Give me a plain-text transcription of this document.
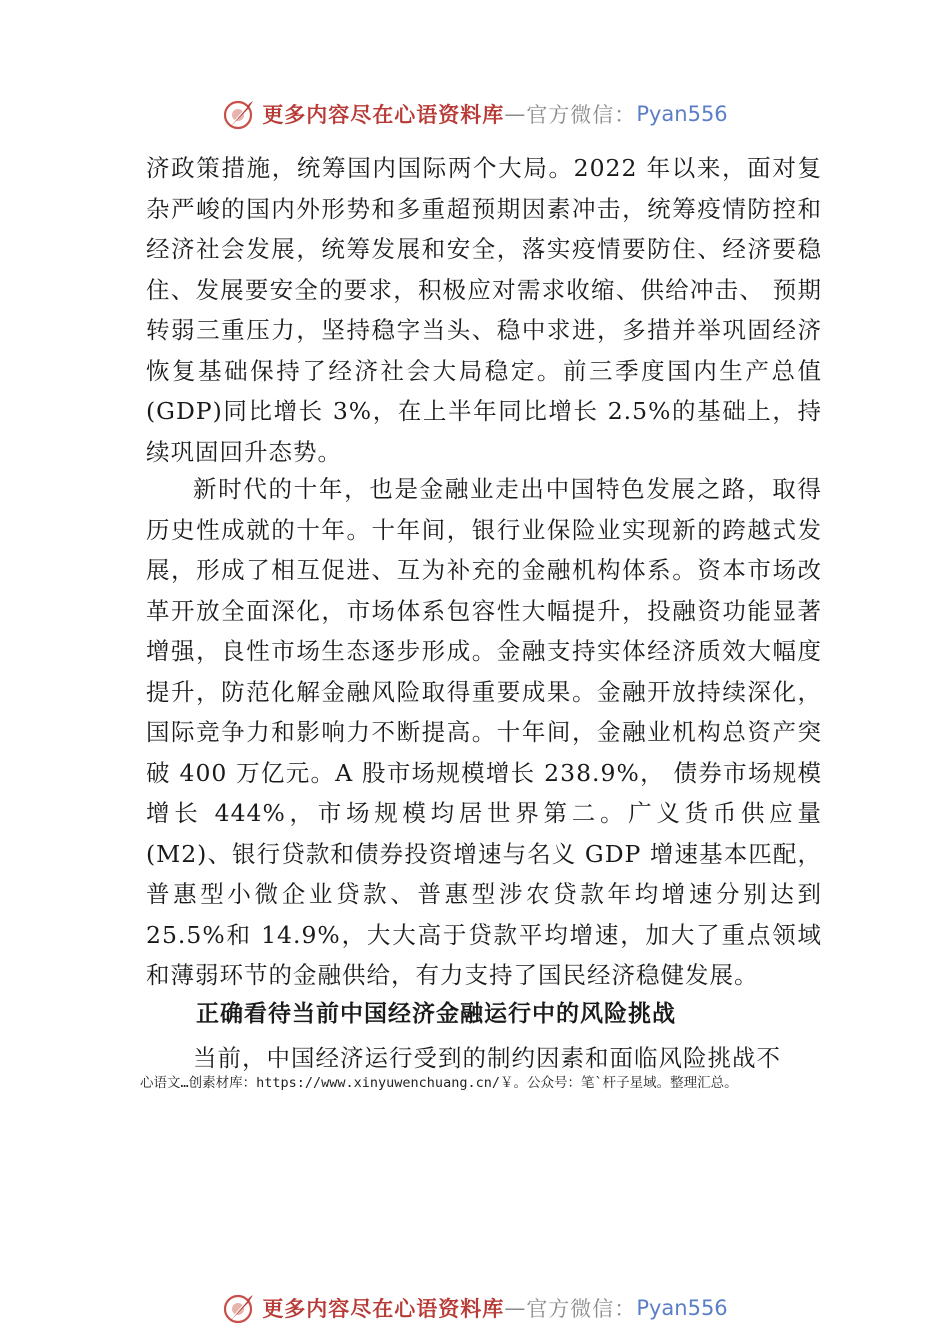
更多内容尽在心语资料库 — 官方微信： Pyan556

济政策措施，统筹国内国际两个大局。2022 年以来，面对复杂严峻的国内外形势和多重超预期因素冲击，统筹疫情防控和经济社会发展，统筹发展和安全，落实疫情要防住、经济要稳住、发展要安全的要求，积极应对需求收缩、供给冲击、 预期转弱三重压力，坚持稳字当头、稳中求进，多措并举巩固经济恢复基础保持了经济社会大局稳定。前三季度国内生产总值(GDP)同比增长 3%，在上半年同比增长 2.5%的基础上，持续巩固回升态势。

新时代的十年，也是金融业走出中国特色发展之路，取得历史性成就的十年。十年间，银行业保险业实现新的跨越式发展，形成了相互促进、互为补充的金融机构体系。资本市场改革开放全面深化，市场体系包容性大幅提升，投融资功能显著增强，良性市场生态逐步形成。金融支持实体经济质效大幅度提升，防范化解金融风险取得重要成果。金融开放持续深化，国际竞争力和影响力不断提高。十年间，金融业机构总资产突破 400 万亿元。A 股市场规模增长 238.9%， 债券市场规模增长 444%，市场规模均居世界第二。广义货币供应量(M2)、银行贷款和债券投资增速与名义 GDP 增速基本匹配，普惠型小微企业贷款、普惠型涉农贷款年均增速分别达到 25.5%和 14.9%，大大高于贷款平均增速，加大了重点领域和薄弱环节的金融供给，有力支持了国民经济稳健发展。

正确看待当前中国经济金融运行中的风险挑战

当前，中国经济运行受到的制约因素和面临风险挑战不

心语文…创素材库：https://www.xinyuwenchuang.cn/￥。公众号：笔`杆子星域。整理汇总。
更多内容尽在心语资料库 — 官方微信： Pyan556
